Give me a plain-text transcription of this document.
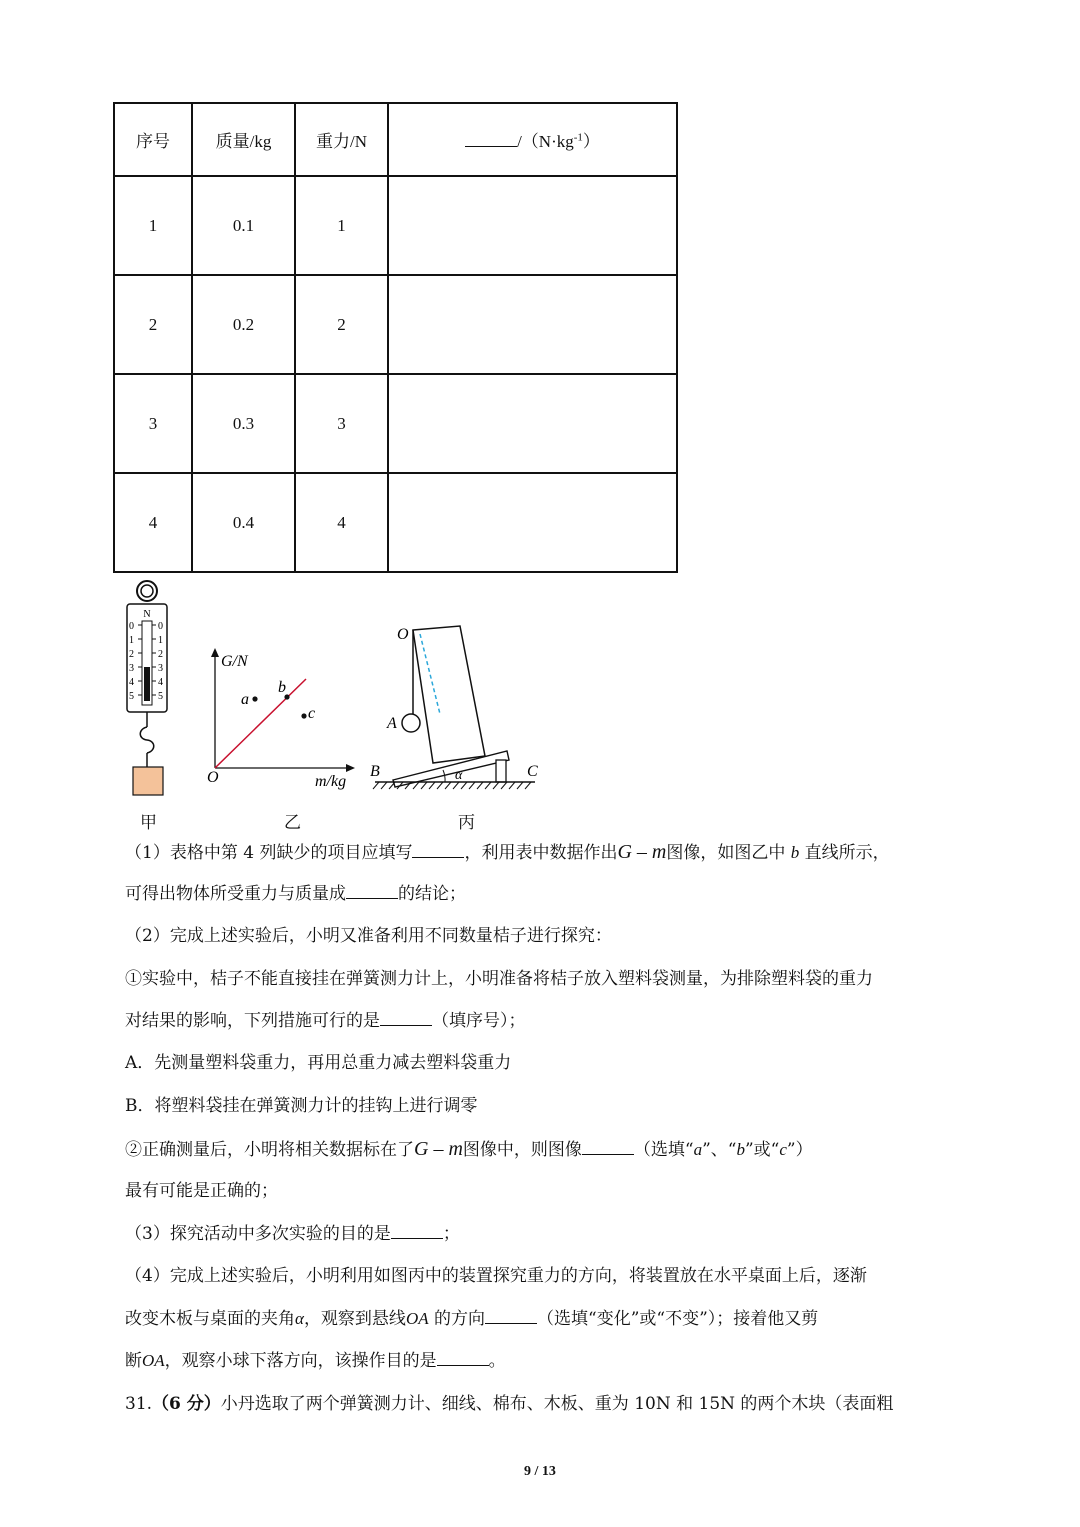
序号	质量/kg	重力/N	$/(N\cdot kg^{-1})$
1	0.1	1	
2	0.2	2	
3	0.3	3	
4	0.4	4	
N
0 0
1 1
2 2
3 3
4 4
5 5
甲
G/N
a
b
c
O	m/kg
乙
O
A
B	C
α
丙
（1）表格中第 4 列缺少的项目应填写	，利用表中数据作出G – m图像，如图乙中 b 直线所示，
可得出物体所受重力与质量成	的结论；
（2）完成上述实验后，小明又准备利用不同数量桔子进行探究：
①实验中，桔子不能直接挂在弹簧测力计上，小明准备将桔子放入塑料袋测量，为排除塑料袋的重力
对结果的影响，下列措施可行的是	（填序号）；
A．先测量塑料袋重力，再用总重力减去塑料袋重力
B．将塑料袋挂在弹簧测力计的挂钩上进行调零
②正确测量后，小明将相关数据标在了G – m图像中，则图像	（选填“a”、“b”或“c”）
最有可能是正确的；
（3）探究活动中多次实验的目的是	；
（4）完成上述实验后，小明利用如图丙中的装置探究重力的方向，将装置放在水平桌面上后，逐渐
改变木板与桌面的夹角α，观察到悬线OA 的方向	（选填“变化”或“不变”）；接着他又剪
断OA，观察小球下落方向，该操作目的是	。
31.（6 分）小丹选取了两个弹簧测力计、细线、棉布、木板、重为 10N 和 15N 的两个木块（表面粗
9 / 13
